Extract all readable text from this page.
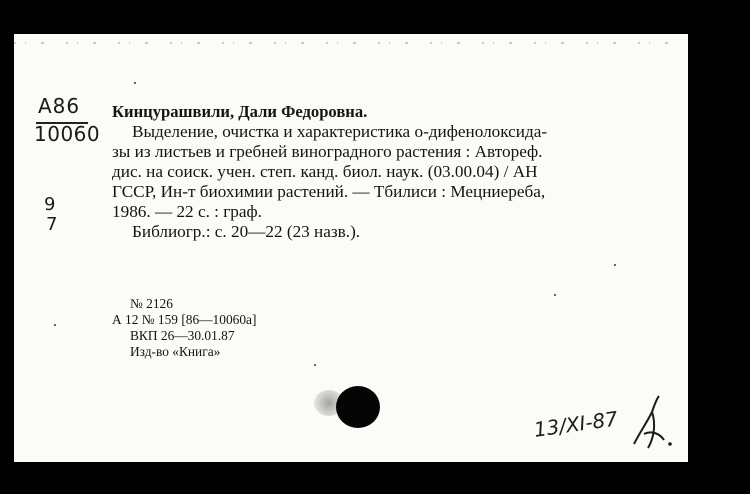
А86
10060
9
7
Кинцурашвили, Дали Федоровна.
Выделение, очистка и характеристика о-дифенолоксида-
зы из листьев и гребней виноградного растения : Автореф.
дис. на соиск. учен. степ. канд. биол. наук. (03.00.04) / АН
ГССР, Ин-т биохимии растений. — Тбилиси : Мецниереба,
1986. — 22 с. : граф.
Библиогр.: с. 20—22 (23 назв.).
№ 2126
А 12 № 159 [86—10060а]
ВКП 26—30.01.87
Изд-во «Книга»
13/XI-87
